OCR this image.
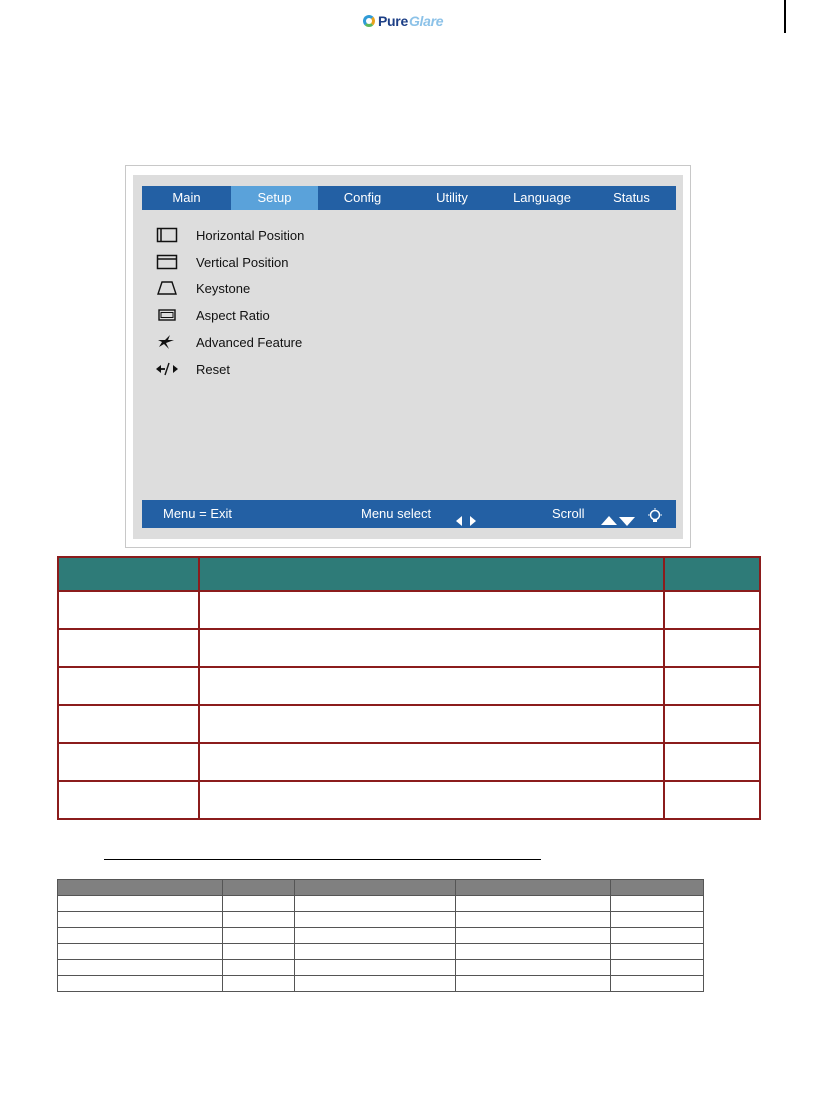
Pure Glare
Main	Setup	Config	Utility	Language	Status
Horizontal Position
Vertical Position
Keystone
Aspect Ratio
Advanced Feature
Reset
Menu = Exit	Menu select	Scroll
